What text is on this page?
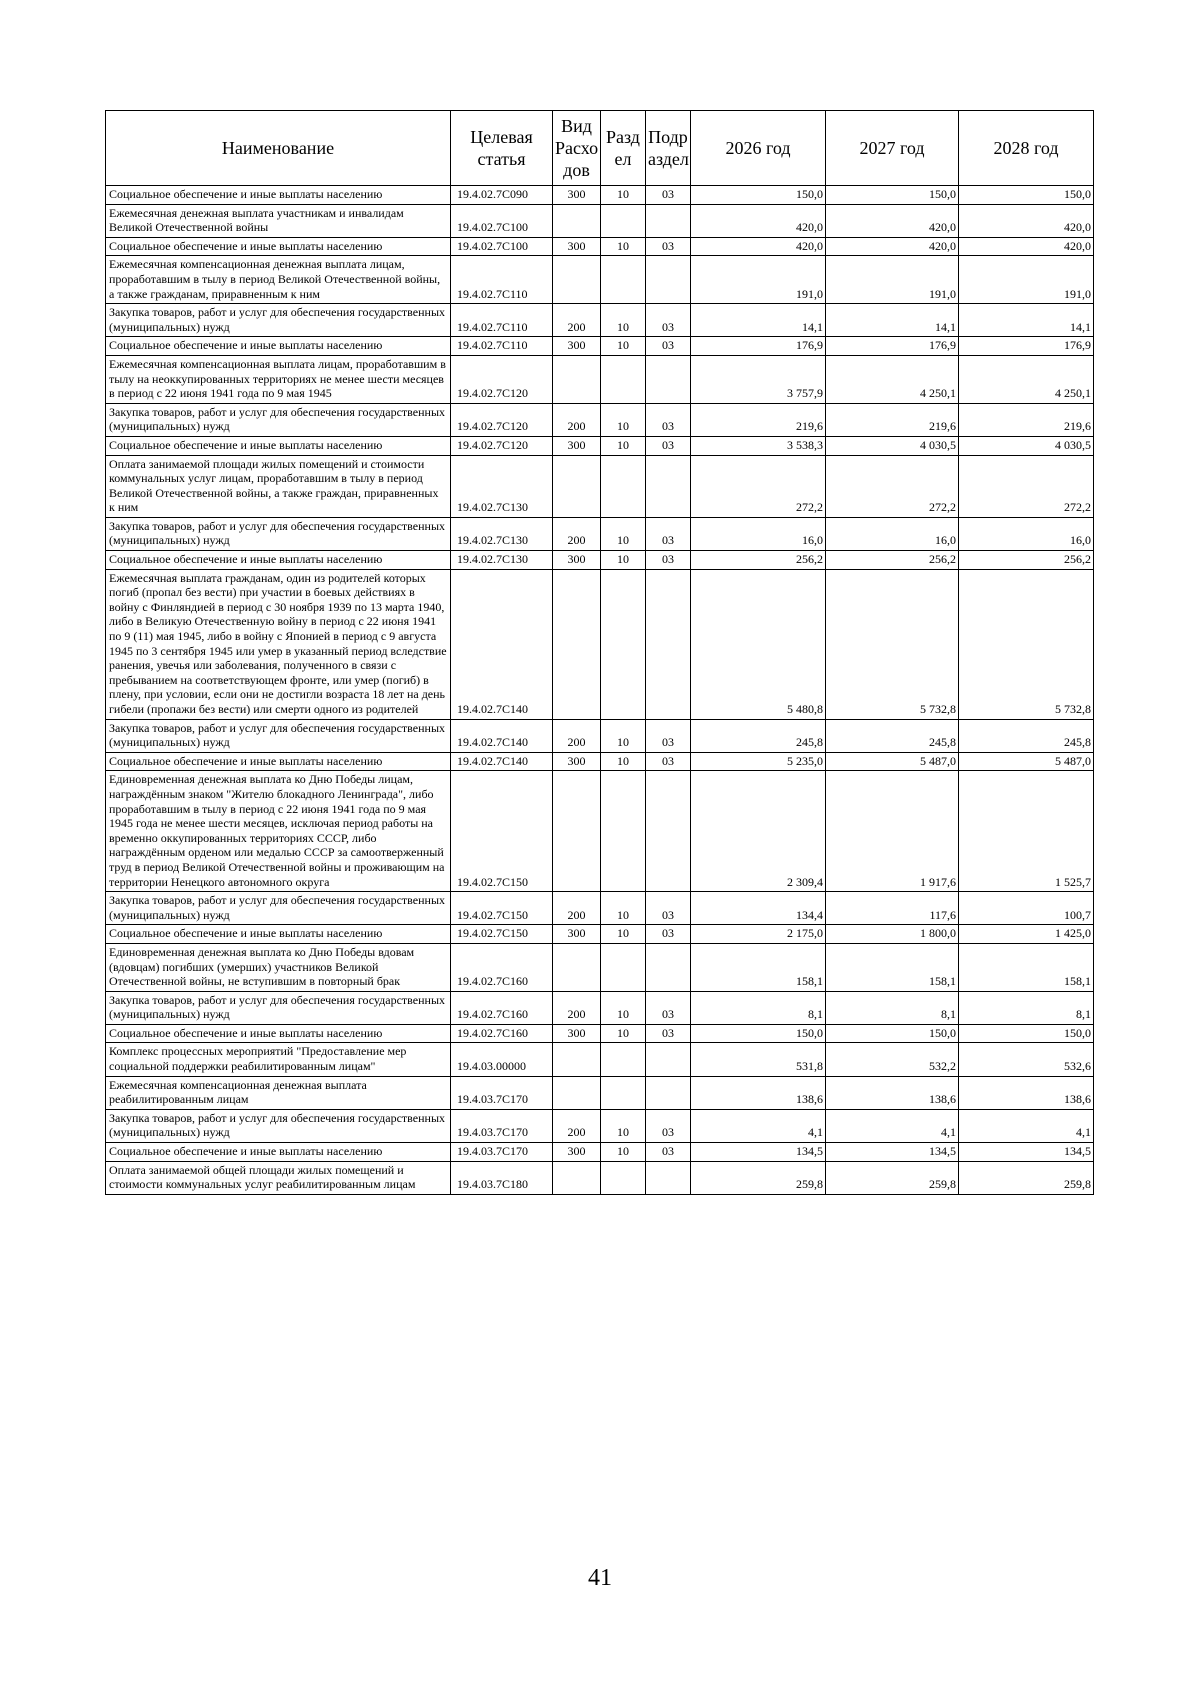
Наименование	Целевая статья	Вид Расхо дов	Разд ел	Подр аздел	2026 год	2027 год	2028 год
Социальное обеспечение и иные выплаты населению	19.4.02.7С090	300	10	03	150,0	150,0	150,0
Ежемесячная денежная выплата участникам и инвалидам Великой Отечественной войны	19.4.02.7С100				420,0	420,0	420,0
Социальное обеспечение и иные выплаты населению	19.4.02.7С100	300	10	03	420,0	420,0	420,0
Ежемесячная компенсационная денежная выплата лицам, проработавшим в тылу в период Великой Отечественной войны, а также гражданам, приравненным к ним	19.4.02.7С110				191,0	191,0	191,0
Закупка товаров, работ и услуг для обеспечения государственных (муниципальных) нужд	19.4.02.7С110	200	10	03	14,1	14,1	14,1
Социальное обеспечение и иные выплаты населению	19.4.02.7С110	300	10	03	176,9	176,9	176,9
Ежемесячная компенсационная выплата лицам, проработавшим в тылу на неоккупированных территориях не менее шести месяцев в период с 22 июня 1941 года по 9 мая 1945	19.4.02.7С120				3 757,9	4 250,1	4 250,1
Закупка товаров, работ и услуг для обеспечения государственных (муниципальных) нужд	19.4.02.7С120	200	10	03	219,6	219,6	219,6
Социальное обеспечение и иные выплаты населению	19.4.02.7С120	300	10	03	3 538,3	4 030,5	4 030,5
Оплата занимаемой площади жилых помещений и стоимости коммунальных услуг лицам, проработавшим в тылу в период Великой Отечественной войны, а также граждан, приравненных к ним	19.4.02.7С130				272,2	272,2	272,2
Закупка товаров, работ и услуг для обеспечения государственных (муниципальных) нужд	19.4.02.7С130	200	10	03	16,0	16,0	16,0
Социальное обеспечение и иные выплаты населению	19.4.02.7С130	300	10	03	256,2	256,2	256,2
Ежемесячная выплата гражданам, один из родителей которых погиб (пропал без вести) при участии в боевых действиях в войну с Финляндией в период с 30 ноября 1939 по 13 марта 1940, либо в Великую Отечественную войну в период с 22 июня 1941 по 9 (11) мая 1945, либо в войну с Японией в период с 9 августа 1945 по 3 сентября 1945 или умер в указанный период вследствие ранения, увечья или заболевания, полученного в связи с пребыванием на соответствующем фронте, или умер (погиб) в плену, при условии, если они не достигли возраста 18 лет на день гибели (пропажи без вести) или смерти одного из родителей	19.4.02.7С140				5 480,8	5 732,8	5 732,8
Закупка товаров, работ и услуг для обеспечения государственных (муниципальных) нужд	19.4.02.7С140	200	10	03	245,8	245,8	245,8
Социальное обеспечение и иные выплаты населению	19.4.02.7С140	300	10	03	5 235,0	5 487,0	5 487,0
Единовременная денежная выплата ко Дню Победы лицам, награждённым знаком "Жителю блокадного Ленинграда", либо проработавшим в тылу в период с 22 июня 1941 года по 9 мая 1945 года не менее шести месяцев, исключая период работы на временно оккупированных территориях СССР, либо награждённым орденом или медалью СССР за самоотверженный труд в период Великой Отечественной войны и проживающим на территории Ненецкого автономного округа	19.4.02.7С150				2 309,4	1 917,6	1 525,7
Закупка товаров, работ и услуг для обеспечения государственных (муниципальных) нужд	19.4.02.7С150	200	10	03	134,4	117,6	100,7
Социальное обеспечение и иные выплаты населению	19.4.02.7С150	300	10	03	2 175,0	1 800,0	1 425,0
Единовременная денежная выплата ко Дню Победы вдовам (вдовцам) погибших (умерших) участников Великой Отечественной войны, не вступившим в повторный брак	19.4.02.7С160				158,1	158,1	158,1
Закупка товаров, работ и услуг для обеспечения государственных (муниципальных) нужд	19.4.02.7С160	200	10	03	8,1	8,1	8,1
Социальное обеспечение и иные выплаты населению	19.4.02.7С160	300	10	03	150,0	150,0	150,0
Комплекс процессных мероприятий "Предоставление мер социальной поддержки реабилитированным лицам"	19.4.03.00000				531,8	532,2	532,6
Ежемесячная компенсационная денежная выплата реабилитированным лицам	19.4.03.7С170				138,6	138,6	138,6
Закупка товаров, работ и услуг для обеспечения государственных (муниципальных) нужд	19.4.03.7С170	200	10	03	4,1	4,1	4,1
Социальное обеспечение и иные выплаты населению	19.4.03.7С170	300	10	03	134,5	134,5	134,5
Оплата занимаемой общей площади жилых помещений и стоимости коммунальных услуг реабилитированным лицам	19.4.03.7С180				259,8	259,8	259,8
41
